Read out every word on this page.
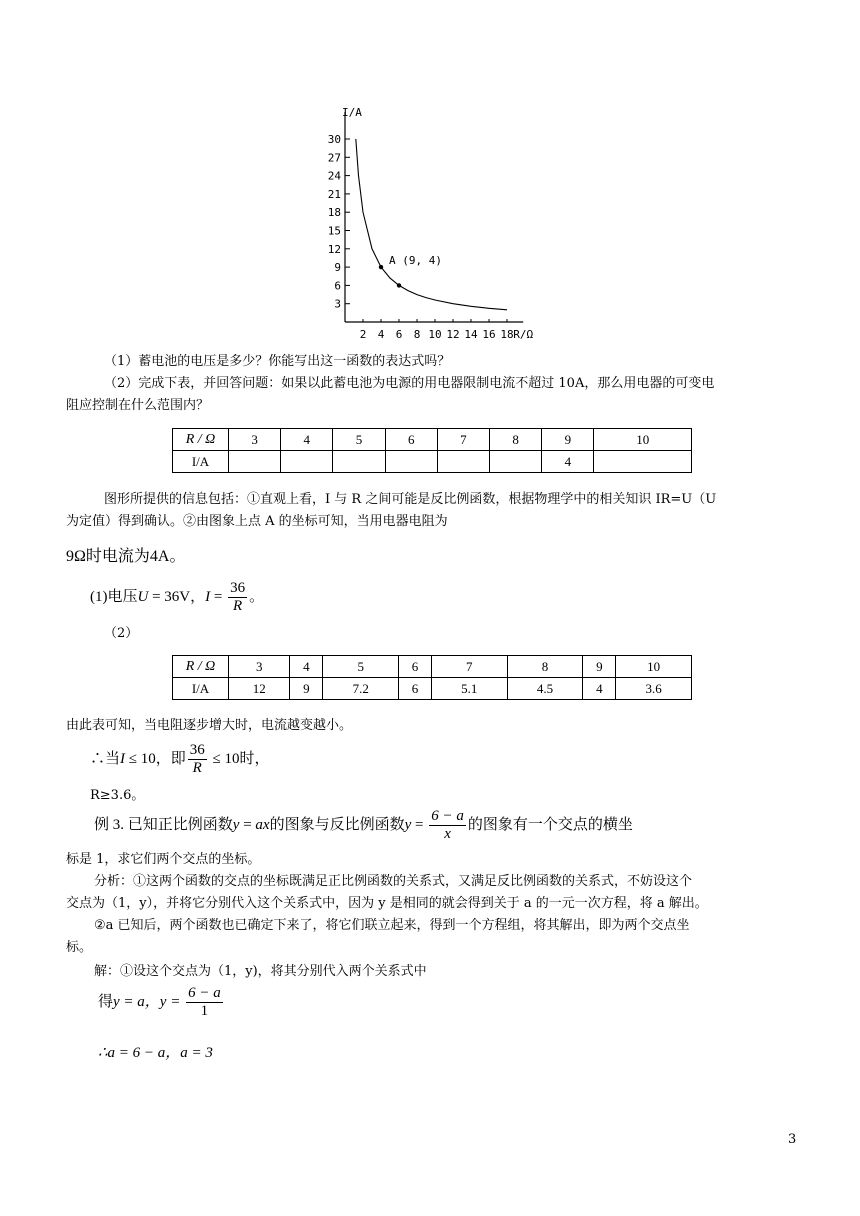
I/A
R/Ω
2 4 6 8 10 12 14 16 18
3
6
9
12
15
18
21
24
27
30
A (9, 4)
（1）蓄电池的电压是多少？你能写出这一函数的表达式吗？
（2）完成下表，并回答问题：如果以此蓄电池为电源的用电器限制电流不超过 10A，那么用电器的可变电
阻应控制在什么范围内？
R / Ω	3	4	5	6	7	8	9	10
I/A							4	
图形所提供的信息包括：①直观上看，I 与 R 之间可能是反比例函数，根据物理学中的相关知识 IR=U（U
为定值）得到确认。②由图象上点 A 的坐标可知，当用电器电阻为
9Ω时电流为4A。
(1)电压U = 36V，$I = \frac{36}{R}$ 。
（2）
R / Ω	3	4	5	6	7	8	9	10
I/A	12	9	7.2	6	5.1	4.5	4	3.6
由此表可知，当电阻逐步增大时，电流越变越小。
∴当I ≤ 10，即 $\frac{36}{R} \le 10$时，
R≥3.6。
例 3. 已知正比例函数y = ax的图象与反比例函数$y = \frac{6 - a}{x}$ 的图象有一个交点的横坐
标是 1，求它们两个交点的坐标。
分析：①这两个函数的交点的坐标既满足正比例函数的关系式，又满足反比例函数的关系式，不妨设这个
交点为（1，y），并将它分别代入这个关系式中，因为 y 是相同的就会得到关于 a 的一元一次方程，将 a 解出。
②a 已知后，两个函数也已确定下来了，将它们联立起来，得到一个方程组，将其解出，即为两个交点坐
标。
解：①设这个交点为（1，y)，将其分别代入两个关系式中
得y = a，$y = \frac{6 - a}{1}$
∴a = 6 − a，a = 3
3
